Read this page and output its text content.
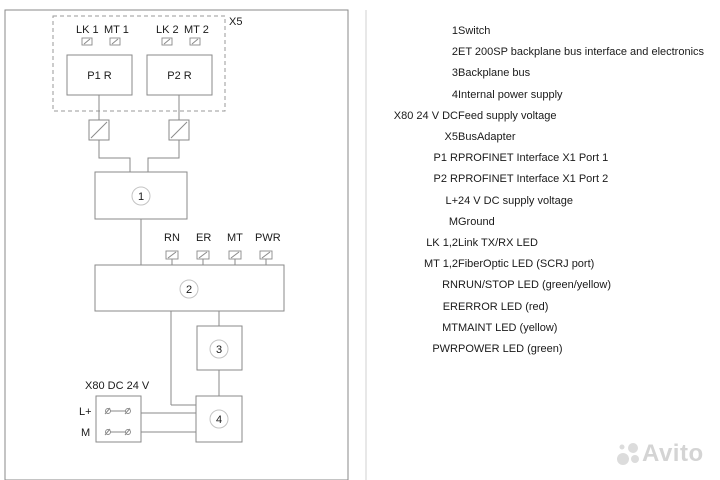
X5
LK 1 MT 1 LK 2 MT 2
P1 R	P2 R
1
RN ER MT PWR
2
3
4
X80 DC 24 V
L+
M
1 Switch
2 ET 200SP backplane bus interface and electronics
3 Backplane bus
4 Internal power supply
X80 24 V DC Feed supply voltage
X5 BusAdapter
P1 R PROFINET Interface X1 Port 1
P2 R PROFINET Interface X1 Port 2
L+ 24 V DC supply voltage
M Ground
LK 1,2 Link TX/RX LED
MT 1,2 FiberOptic LED (SCRJ port)
RN RUN/STOP LED (green/yellow)
ER ERROR LED (red)
MT MAINT LED (yellow)
PWR POWER LED (green)
Avito
